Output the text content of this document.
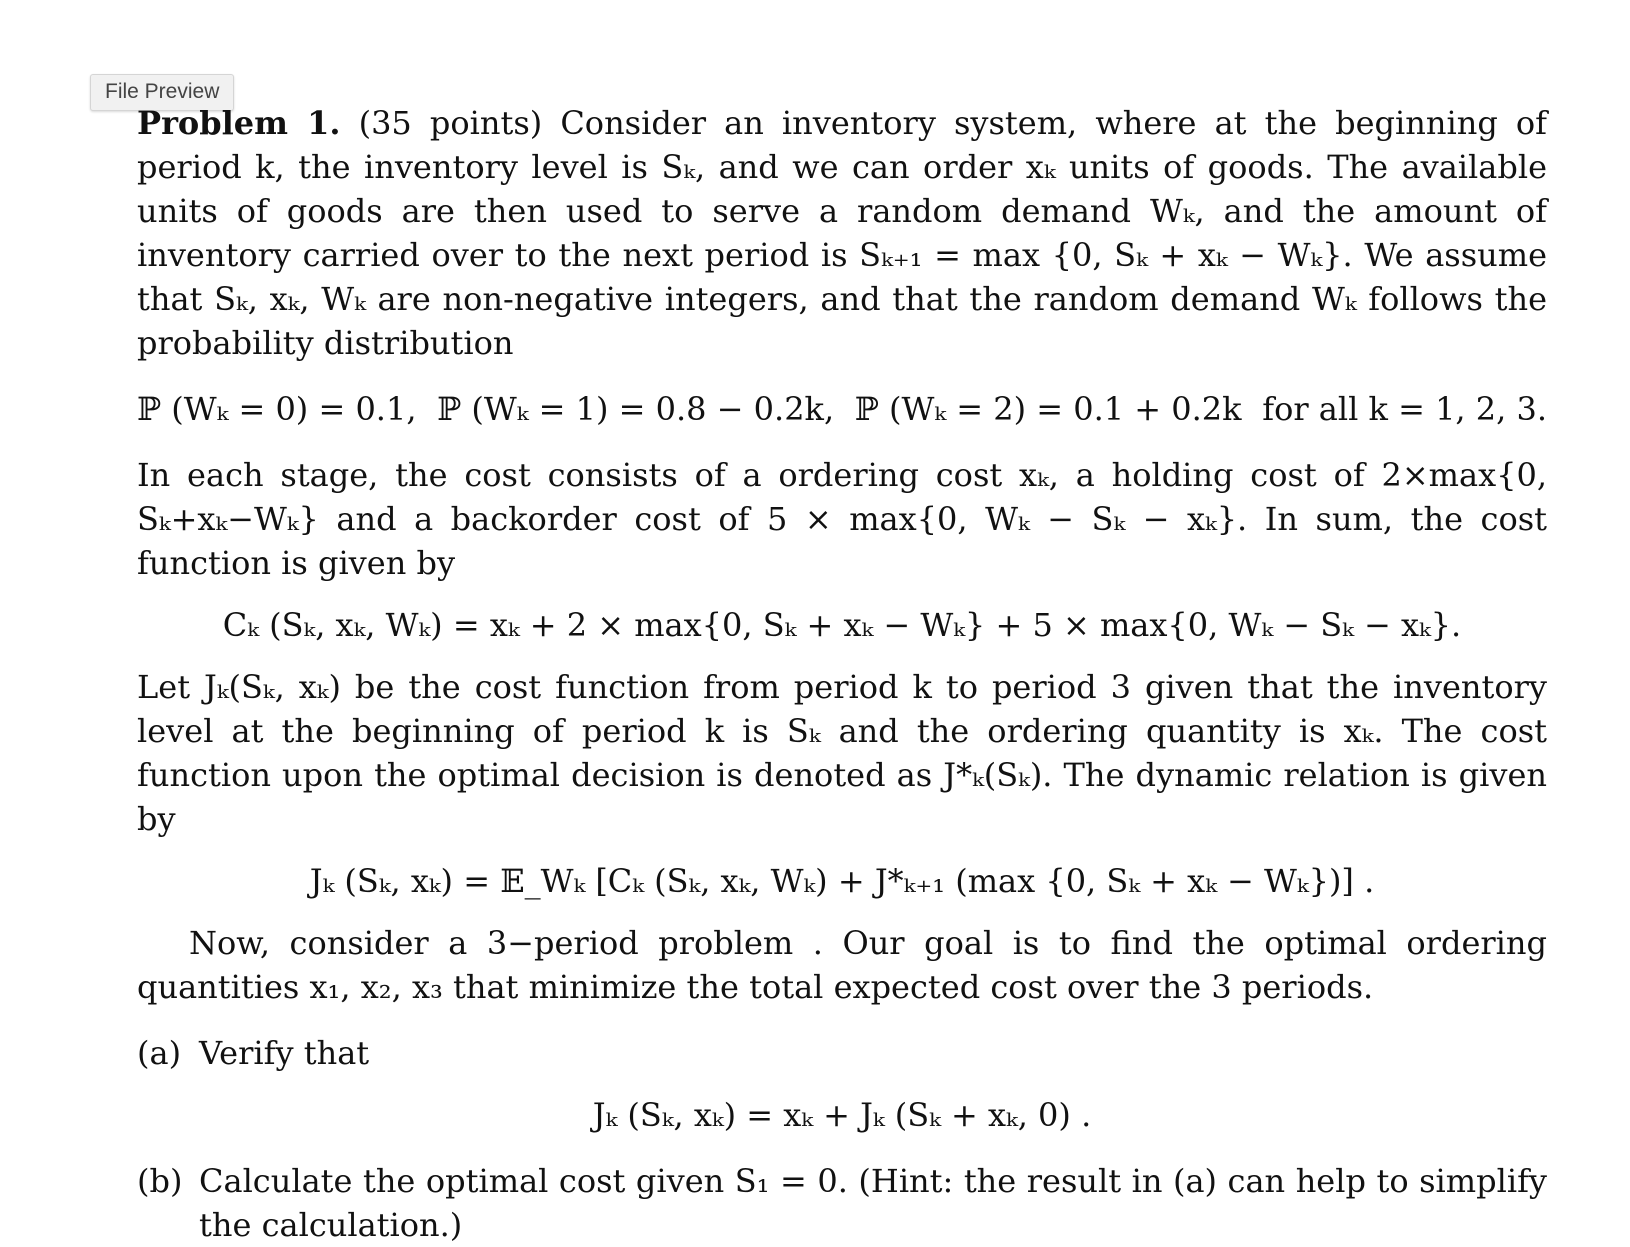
File Preview

Problem 1. (35 points) Consider an inventory system, where at the beginning of period k, the inventory level is Sₖ, and we can order xₖ units of goods. The available units of goods are then used to serve a random demand Wₖ, and the amount of inventory carried over to the next period is Sₖ₊₁ = max {0, Sₖ + xₖ − Wₖ}. We assume that Sₖ, xₖ, Wₖ are non-negative integers, and that the random demand Wₖ follows the probability distribution

ℙ (Wₖ = 0) = 0.1, ℙ (Wₖ = 1) = 0.8 − 0.2k, ℙ (Wₖ = 2) = 0.1 + 0.2k for all k = 1, 2, 3.

In each stage, the cost consists of a ordering cost xₖ, a holding cost of 2×max{0, Sₖ+xₖ−Wₖ} and a backorder cost of 5 × max{0, Wₖ − Sₖ − xₖ}. In sum, the cost function is given by

Cₖ (Sₖ, xₖ, Wₖ) = xₖ + 2 × max{0, Sₖ + xₖ − Wₖ} + 5 × max{0, Wₖ − Sₖ − xₖ}.

Let Jₖ(Sₖ, xₖ) be the cost function from period k to period 3 given that the inventory level at the beginning of period k is Sₖ and the ordering quantity is xₖ. The cost function upon the optimal decision is denoted as J*ₖ(Sₖ). The dynamic relation is given by

Jₖ (Sₖ, xₖ) = 𝔼_Wₖ [Cₖ (Sₖ, xₖ, Wₖ) + J*ₖ₊₁ (max {0, Sₖ + xₖ − Wₖ})] .

Now, consider a 3−period problem . Our goal is to find the optimal ordering quantities x₁, x₂, x₃ that minimize the total expected cost over the 3 periods.

(a) Verify that
Jₖ (Sₖ, xₖ) = xₖ + Jₖ (Sₖ + xₖ, 0) .
(b) Calculate the optimal cost given S₁ = 0. (Hint: the result in (a) can help to simplify the calculation.)
